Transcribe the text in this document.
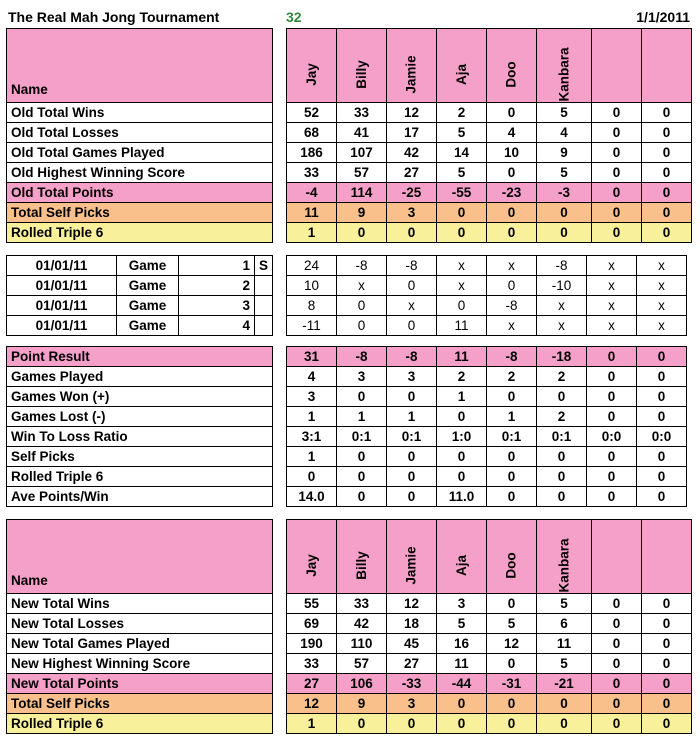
The Real Mah Jong Tournament	32	1/1/2011
Name		Jay	Billy	Jamie	Aja	Doo	Kanbara		
Old Total Wins		52	33	12	2	0	5	0	0
Old Total Losses		68	41	17	5	4	4	0	0
Old Total Games Played		186	107	42	14	10	9	0	0
Old Highest Winning Score		33	57	27	5	0	5	0	0
Old Total Points		-4	114	-25	-55	-23	-3	0	0
Total Self Picks		11	9	3	0	0	0	0	0
Rolled Triple 6		1	0	0	0	0	0	0	0
01/01/11	Game	1	S		24	-8	-8	x	x	-8	x	x
01/01/11	Game	2			10	x	0	x	0	-10	x	x
01/01/11	Game	3			8	0	x	0	-8	x	x	x
01/01/11	Game	4			-11	0	0	11	x	x	x	x
Point Result		31	-8	-8	11	-8	-18	0	0
Games Played		4	3	3	2	2	2	0	0
Games Won (+)		3	0	0	1	0	0	0	0
Games Lost (-)		1	1	1	0	1	2	0	0
Win To Loss Ratio		3:1	0:1	0:1	1:0	0:1	0:1	0:0	0:0
Self Picks		1	0	0	0	0	0	0	0
Rolled Triple 6		0	0	0	0	0	0	0	0
Ave Points/Win		14.0	0	0	11.0	0	0	0	0
Name		Jay	Billy	Jamie	Aja	Doo	Kanbara		
New Total Wins		55	33	12	3	0	5	0	0
New Total Losses		69	42	18	5	5	6	0	0
New Total Games Played		190	110	45	16	12	11	0	0
New Highest Winning Score		33	57	27	11	0	5	0	0
New Total Points		27	106	-33	-44	-31	-21	0	0
Total Self Picks		12	9	3	0	0	0	0	0
Rolled Triple 6		1	0	0	0	0	0	0	0
